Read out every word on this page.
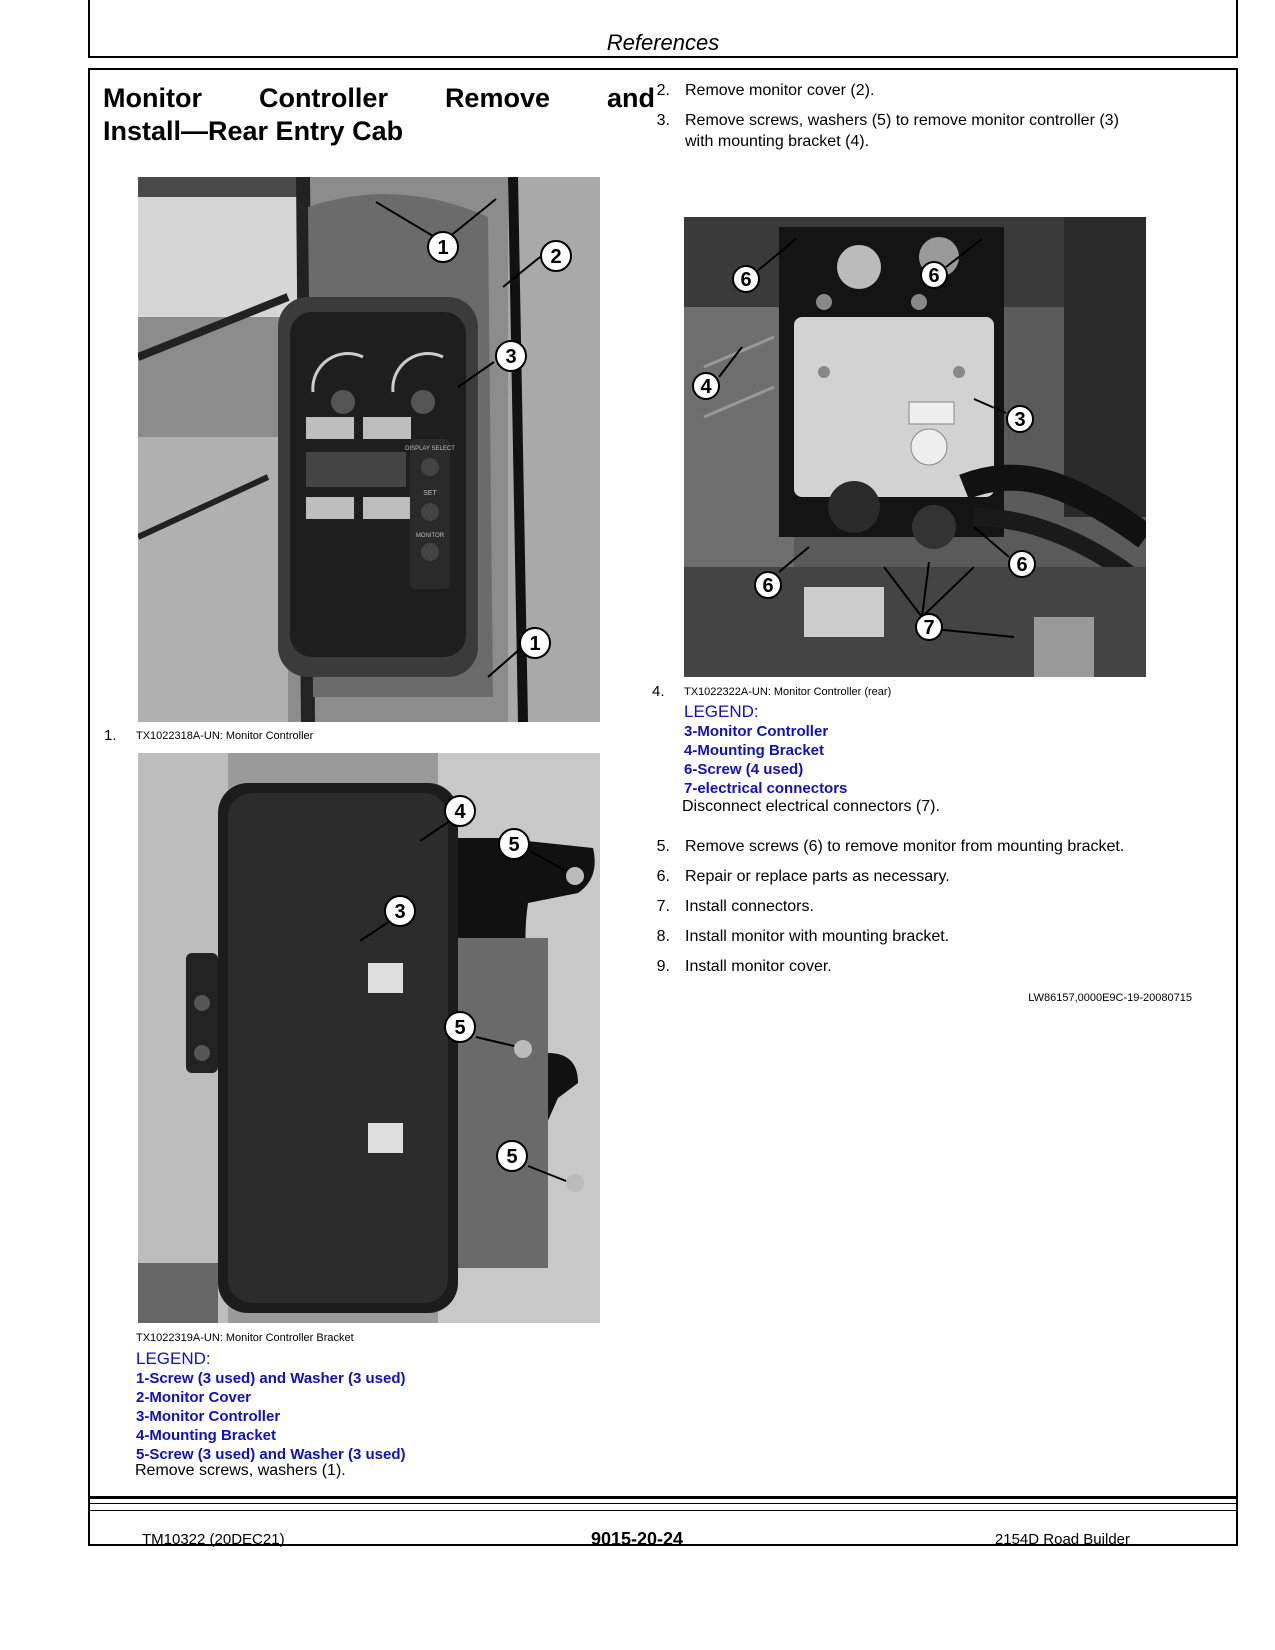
References
Monitor Controller Remove and
Install—Rear Entry Cab
DISPLAY SELECT
SET
MONITOR
1	2
3
1
1. TX1022318A-UN: Monitor Controller
4
5
3
5
5
TX1022319A-UN: Monitor Controller Bracket
LEGEND:
1-Screw (3 used) and Washer (3 used)
2-Monitor Cover
3-Monitor Controller
4-Mounting Bracket
5-Screw (3 used) and Washer (3 used)
Remove screws, washers (1).
2. Remove monitor cover (2).
3. Remove screws, washers (5) to remove monitor controller (3)
with mounting bracket (4).
6	6
4
3
6
6
7
4. TX1022322A-UN: Monitor Controller (rear)
LEGEND:
3-Monitor Controller
4-Mounting Bracket
6-Screw (4 used)
7-electrical connectors
Disconnect electrical connectors (7).
5. Remove screws (6) to remove monitor from mounting bracket.
6. Repair or replace parts as necessary.
7. Install connectors.
8. Install monitor with mounting bracket.
9. Install monitor cover.
LW86157,0000E9C-19-20080715
TM10322 (20DEC21)	9015-20-24	2154D Road Builder
